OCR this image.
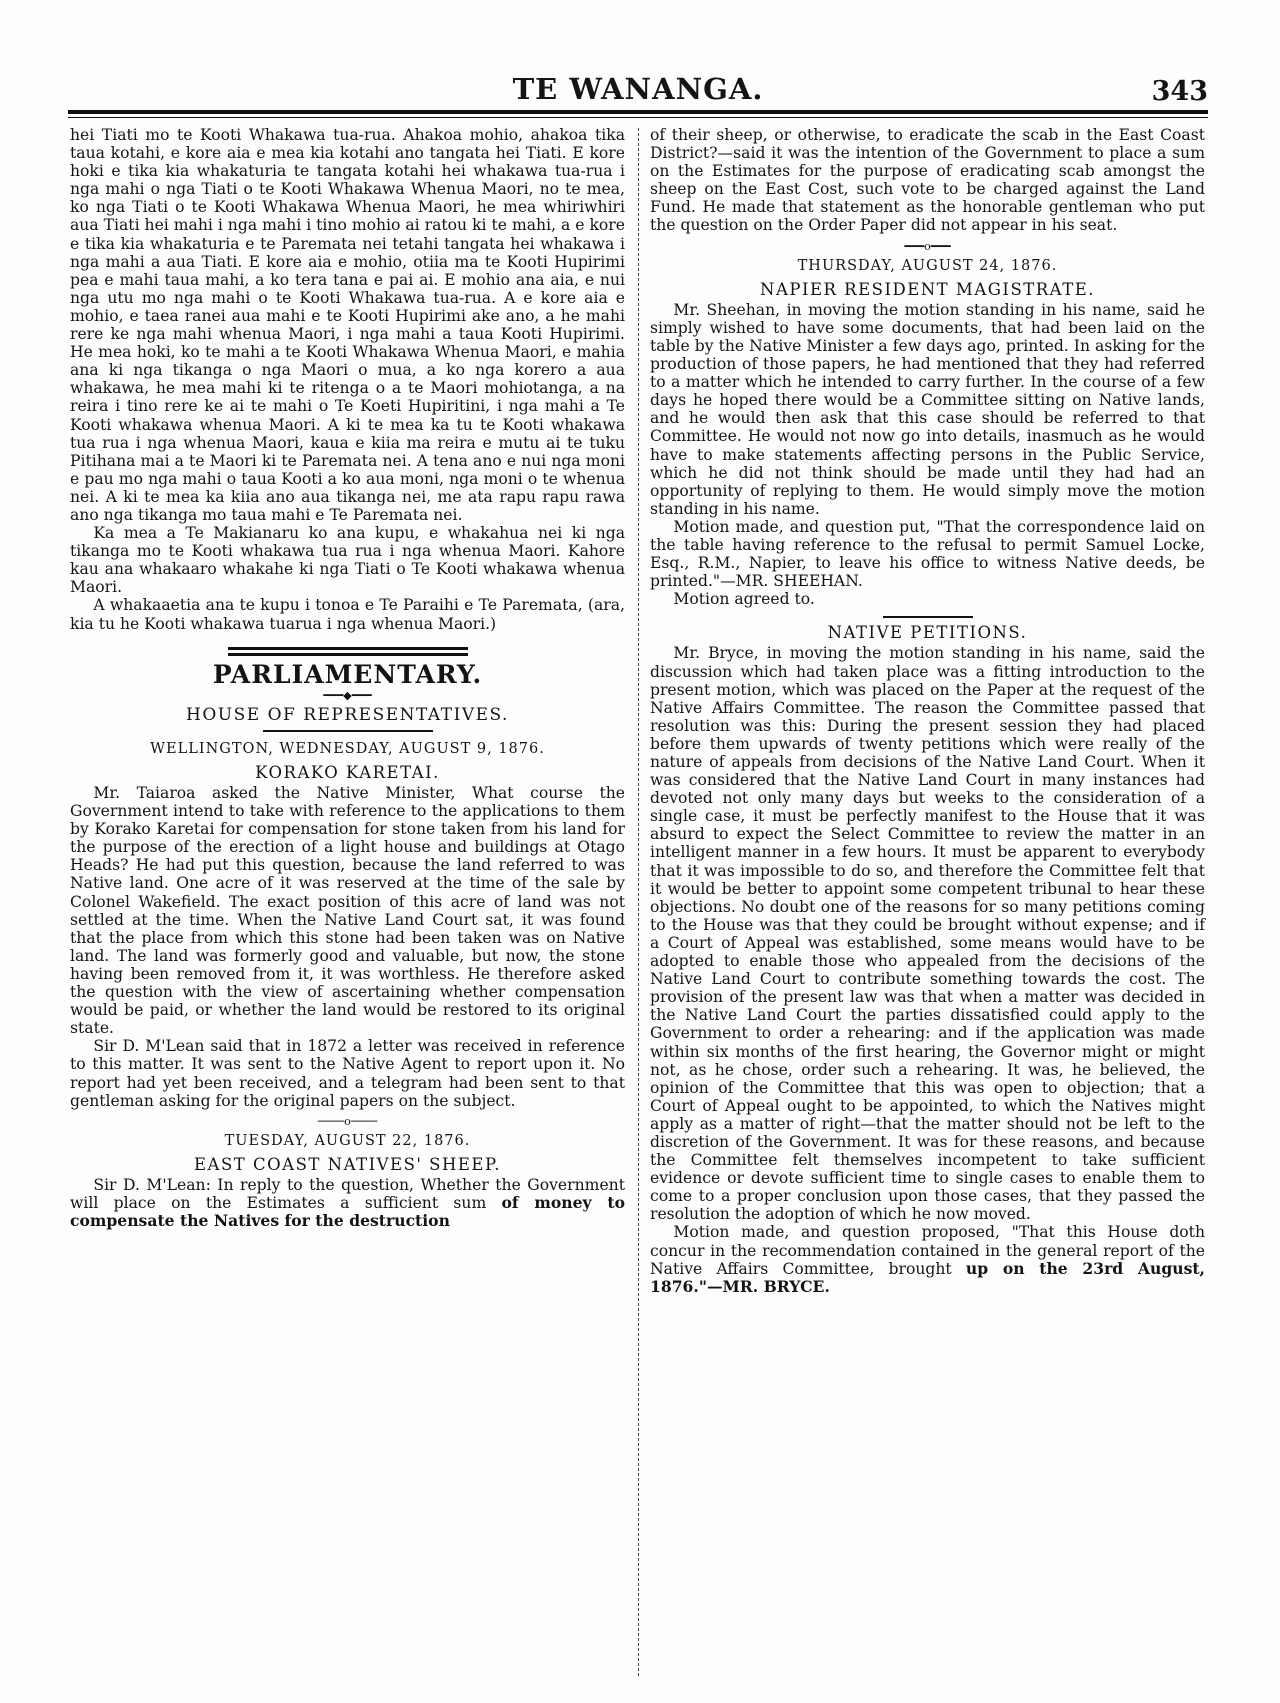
TE WANANGA.	343

hei Tiati mo te Kooti Whakawa tua-rua. Ahakoa mohio, ahakoa tika taua kotahi, e kore aia e mea kia kotahi ano tangata hei Tiati. E kore hoki e tika kia whakaturia te tangata kotahi hei whakawa tua-rua i nga mahi o nga Tiati o te Kooti Whakawa Whenua Maori, no te mea, ko nga Tiati o te Kooti Whakawa Whenua Maori, he mea whiriwhiri aua Tiati hei mahi i nga mahi i tino mohio ai ratou ki te mahi, a e kore e tika kia whakaturia e te Paremata nei tetahi tangata hei whakawa i nga mahi a aua Tiati. E kore aia e mohio, otiia ma te Kooti Hupirimi pea e mahi taua mahi, a ko tera tana e pai ai. E mohio ana aia, e nui nga utu mo nga mahi o te Kooti Whakawa tua-rua. A e kore aia e mohio, e taea ranei aua mahi e te Kooti Hupirimi ake ano, a he mahi rere ke nga mahi whenua Maori, i nga mahi a taua Kooti Hupirimi. He mea hoki, ko te mahi a te Kooti Whakawa Whenua Maori, e mahia ana ki nga tikanga o nga Maori o mua, a ko nga korero a aua whakawa, he mea mahi ki te ritenga o a te Maori mohiotanga, a na reira i tino rere ke ai te mahi o Te Koeti Hupiritini, i nga mahi a Te Kooti whakawa whenua Maori. A ki te mea ka tu te Kooti whakawa tua rua i nga whenua Maori, kaua e kiia ma reira e mutu ai te tuku Pitihana mai a te Maori ki te Paremata nei. A tena ano e nui nga moni e pau mo nga mahi o taua Kooti a ko aua moni, nga moni o te whenua nei. A ki te mea ka kiia ano aua tikanga nei, me ata rapu rapu rawa ano nga tikanga mo taua mahi e Te Paremata nei.

Ka mea a Te Makianaru ko ana kupu, e whakahua nei ki nga tikanga mo te Kooti whakawa tua rua i nga whenua Maori. Kahore kau ana whakaaro whakahe ki nga Tiati o Te Kooti whakawa whenua Maori.

A whakaaetia ana te kupu i tonoa e Te Paraihi e Te Paremata, (ara, kia tu he Kooti whakawa tuarua i nga whenua Maori.)

PARLIAMENTARY.
━━━◆━━━
HOUSE OF REPRESENTATIVES.
WELLINGTON, WEDNESDAY, AUGUST 9, 1876.
KORAKO KARETAI.

Mr. Taiaroa asked the Native Minister, What course the Government intend to take with reference to the applications to them by Korako Karetai for compensation for stone taken from his land for the purpose of the erection of a light house and buildings at Otago Heads? He had put this question, because the land referred to was Native land. One acre of it was reserved at the time of the sale by Colonel Wakefield. The exact position of this acre of land was not settled at the time. When the Native Land Court sat, it was found that the place from which this stone had been taken was on Native land. The land was formerly good and valuable, but now, the stone having been removed from it, it was worthless. He therefore asked the question with the view of ascertaining whether compensation would be paid, or whether the land would be restored to its original state.

Sir D. M'Lean said that in 1872 a letter was received in reference to this matter. It was sent to the Native Agent to report upon it. No report had yet been received, and a telegram had been sent to that gentleman asking for the original papers on the subject.

────o────
TUESDAY, AUGUST 22, 1876.
EAST COAST NATIVES' SHEEP.

Sir D. M'Lean: In reply to the question, Whether the Government will place on the Estimates a sufficient sum of money to compensate the Natives for the destruction

of their sheep, or otherwise, to eradicate the scab in the East Coast District?—said it was the intention of the Government to place a sum on the Estimates for the purpose of eradicating scab amongst the sheep on the East Cost, such vote to be charged against the Land Fund. He made that statement as the honorable gentleman who put the question on the Order Paper did not appear in his seat.

━━━o━━━
THURSDAY, AUGUST 24, 1876.
NAPIER RESIDENT MAGISTRATE.

Mr. Sheehan, in moving the motion standing in his name, said he simply wished to have some documents, that had been laid on the table by the Native Minister a few days ago, printed. In asking for the production of those papers, he had mentioned that they had referred to a matter which he intended to carry further. In the course of a few days he hoped there would be a Committee sitting on Native lands, and he would then ask that this case should be referred to that Committee. He would not now go into details, inasmuch as he would have to make statements affecting persons in the Public Service, which he did not think should be made until they had had an opportunity of replying to them. He would simply move the motion standing in his name.

Motion made, and question put, "That the correspondence laid on the table having reference to the refusal to permit Samuel Locke, Esq., R.M., Napier, to leave his office to witness Native deeds, be printed."—MR. SHEEHAN.

Motion agreed to.

NATIVE PETITIONS.

Mr. Bryce, in moving the motion standing in his name, said the discussion which had taken place was a fitting introduction to the present motion, which was placed on the Paper at the request of the Native Affairs Committee. The reason the Committee passed that resolution was this: During the present session they had placed before them upwards of twenty petitions which were really of the nature of appeals from decisions of the Native Land Court. When it was considered that the Native Land Court in many instances had devoted not only many days but weeks to the consideration of a single case, it must be perfectly manifest to the House that it was absurd to expect the Select Committee to review the matter in an intelligent manner in a few hours. It must be apparent to everybody that it was impossible to do so, and therefore the Committee felt that it would be better to appoint some competent tribunal to hear these objections. No doubt one of the reasons for so many petitions coming to the House was that they could be brought without expense; and if a Court of Appeal was established, some means would have to be adopted to enable those who appealed from the decisions of the Native Land Court to contribute something towards the cost. The provision of the present law was that when a matter was decided in the Native Land Court the parties dissatisfied could apply to the Government to order a rehearing: and if the application was made within six months of the first hearing, the Governor might or might not, as he chose, order such a rehearing. It was, he believed, the opinion of the Committee that this was open to objection; that a Court of Appeal ought to be appointed, to which the Natives might apply as a matter of right—that the matter should not be left to the discretion of the Government. It was for these reasons, and because the Committee felt themselves incompetent to take sufficient evidence or devote sufficient time to single cases to enable them to come to a proper conclusion upon those cases, that they passed the resolution the adoption of which he now moved.

Motion made, and question proposed, "That this House doth concur in the recommendation contained in the general report of the Native Affairs Committee, brought up on the 23rd August, 1876."—MR. BRYCE.
